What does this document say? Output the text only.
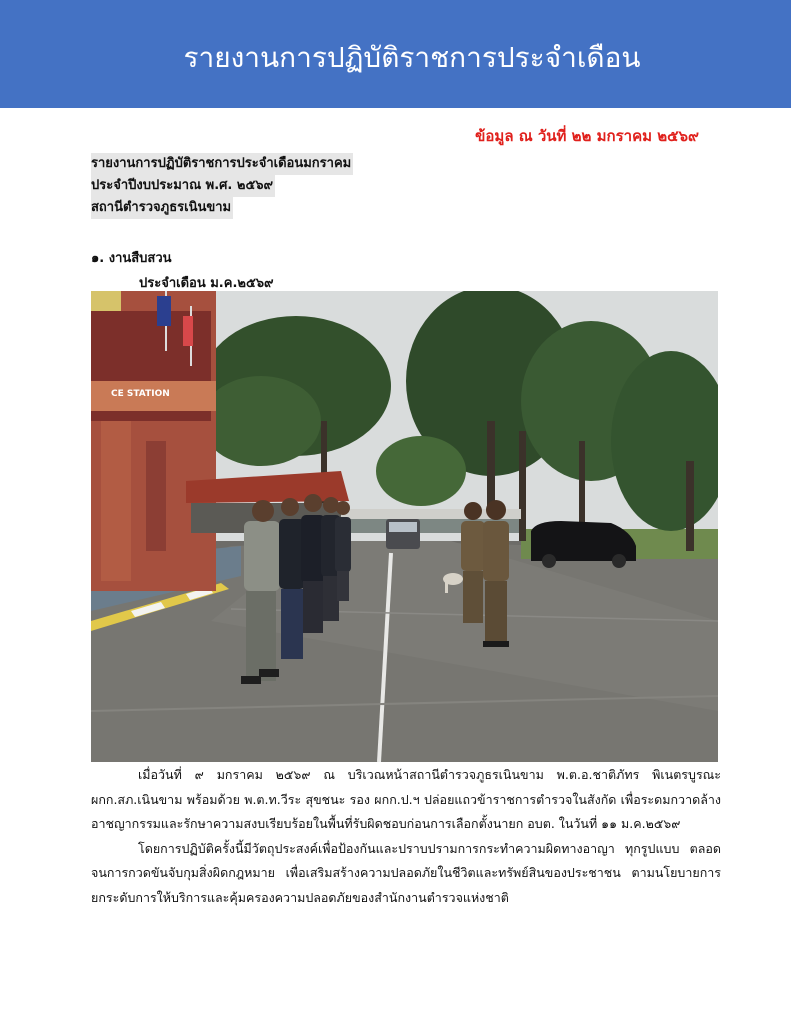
รายงานการปฏิบัติราชการประจำเดือน
ข้อมูล ณ วันที่ ๒๒ มกราคม ๒๕๖๙
รายงานการปฏิบัติราชการประจำเดือนมกราคม
ประจำปีงบประมาณ พ.ศ. ๒๕๖๙
สถานีตำรวจภูธรเนินขาม
๑. งานสืบสวน
ประจำเดือน ม.ค.๒๕๖๙
CE STATION

เมื่อวันที่ ๙ มกราคม ๒๕๖๙ ณ บริเวณหน้าสถานีตำรวจภูธรเนินขาม พ.ต.อ.ชาติภัทร พิเนตรบูรณะ ผกก.สภ.เนินขาม พร้อมด้วย พ.ต.ท.วีระ สุขชนะ รอง ผกก.ป.ฯ ปล่อยแถวข้าราชการตำรวจในสังกัด เพื่อระดมกวาดล้างอาชญากรรมและรักษาความสงบเรียบร้อยในพื้นที่รับผิดชอบก่อนการเลือกตั้งนายก อบต. ในวันที่ ๑๑ ม.ค.๒๕๖๙

โดยการปฏิบัติครั้งนี้มีวัตถุประสงค์เพื่อป้องกันและปราบปรามการกระทำความผิดทางอาญา ทุกรูปแบบ ตลอดจนการกวดขันจับกุมสิ่งผิดกฎหมาย เพื่อเสริมสร้างความปลอดภัยในชีวิตและทรัพย์สินของประชาชน ตามนโยบายการยกระดับการให้บริการและคุ้มครองความปลอดภัยของสำนักงานตำรวจแห่งชาติ
